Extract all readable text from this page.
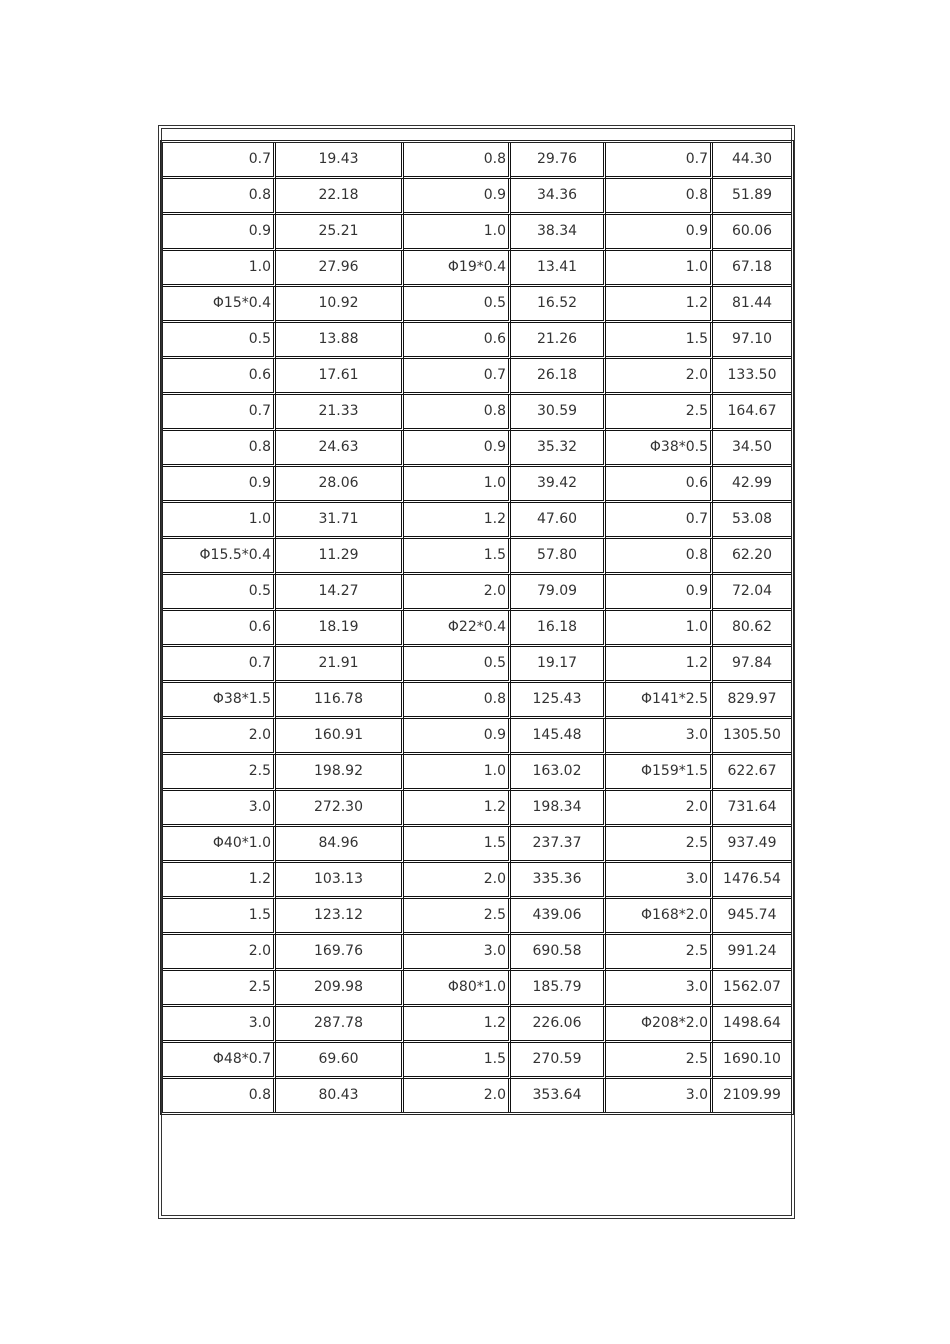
0.7	19.43	0.8	29.76	0.7	44.30
0.8	22.18	0.9	34.36	0.8	51.89
0.9	25.21	1.0	38.34	0.9	60.06
1.0	27.96	Φ19*0.4	13.41	1.0	67.18
Φ15*0.4	10.92	0.5	16.52	1.2	81.44
0.5	13.88	0.6	21.26	1.5	97.10
0.6	17.61	0.7	26.18	2.0	133.50
0.7	21.33	0.8	30.59	2.5	164.67
0.8	24.63	0.9	35.32	Φ38*0.5	34.50
0.9	28.06	1.0	39.42	0.6	42.99
1.0	31.71	1.2	47.60	0.7	53.08
Φ15.5*0.4	11.29	1.5	57.80	0.8	62.20
0.5	14.27	2.0	79.09	0.9	72.04
0.6	18.19	Φ22*0.4	16.18	1.0	80.62
0.7	21.91	0.5	19.17	1.2	97.84
Φ38*1.5	116.78	0.8	125.43	Φ141*2.5	829.97
2.0	160.91	0.9	145.48	3.0	1305.50
2.5	198.92	1.0	163.02	Φ159*1.5	622.67
3.0	272.30	1.2	198.34	2.0	731.64
Φ40*1.0	84.96	1.5	237.37	2.5	937.49
1.2	103.13	2.0	335.36	3.0	1476.54
1.5	123.12	2.5	439.06	Φ168*2.0	945.74
2.0	169.76	3.0	690.58	2.5	991.24
2.5	209.98	Φ80*1.0	185.79	3.0	1562.07
3.0	287.78	1.2	226.06	Φ208*2.0	1498.64
Φ48*0.7	69.60	1.5	270.59	2.5	1690.10
0.8	80.43	2.0	353.64	3.0	2109.99
